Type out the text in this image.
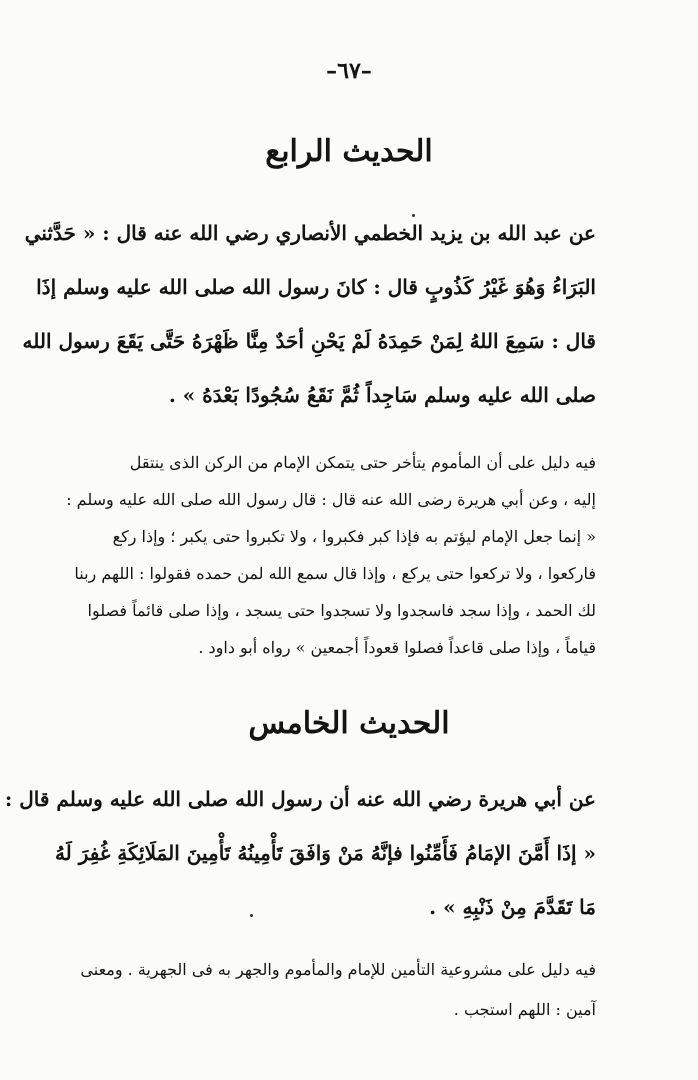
–٦٧–
الحديث الرابع
عن عبد الله بن يزيد الخطمي الأنصاري رضي الله عنه قال : « حَدَّثني
البَرَاءُ وَهُوَ غَيْرُ كَذُوبٍ قال : كانَ رسول الله صلى الله عليه وسلم إذَا
قال : سَمِعَ اللهُ لِمَنْ حَمِدَهُ لَمْ يَحْنِ أحَدٌ مِنَّا ظَهْرَهُ حَتَّى يَقَعَ رسول الله
صلى الله عليه وسلم سَاجِداً ثُمَّ نَقَعُ سُجُودًا بَعْدَهُ » .
فيه دليل على أن المأموم يتأخر حتى يتمكن الإمام من الركن الذى ينتقل
إليه ، وعن أبي هريرة رضى الله عنه قال : قال رسول الله صلى الله عليه وسلم :
« إنما جعل الإمام ليؤتم به فإذا كبر فكبروا ، ولا تكبروا حتى يكبر ؛ وإذا ركع
فاركعوا ، ولا تركعوا حتى يركع ، وإذا قال سمع الله لمن حمده فقولوا : اللهم ربنا
لك الحمد ، وإذا سجد فاسجدوا ولا تسجدوا حتى يسجد ، وإذا صلى قائماً فصلوا
قياماً ، وإذا صلى قاعداً فصلوا قعوداً أجمعين » رواه أبو داود .
الحديث الخامس
عن أبي هريرة رضي الله عنه أن رسول الله صلى الله عليه وسلم قال :
« إذَا أَمَّنَ الإمَامُ فَأَمِّنُوا فإنَّهُ مَنْ وَافَقَ تَأْمِينُهُ تَأْمِينَ المَلَائِكَةِ غُفِرَ لَهُ
مَا تَقَدَّمَ مِنْ ذَنْبِهِ » .
فيه دليل على مشروعية التأمين للإمام والمأموم والجهر به فى الجهرية . ومعنى
آمين : اللهم استجب .
